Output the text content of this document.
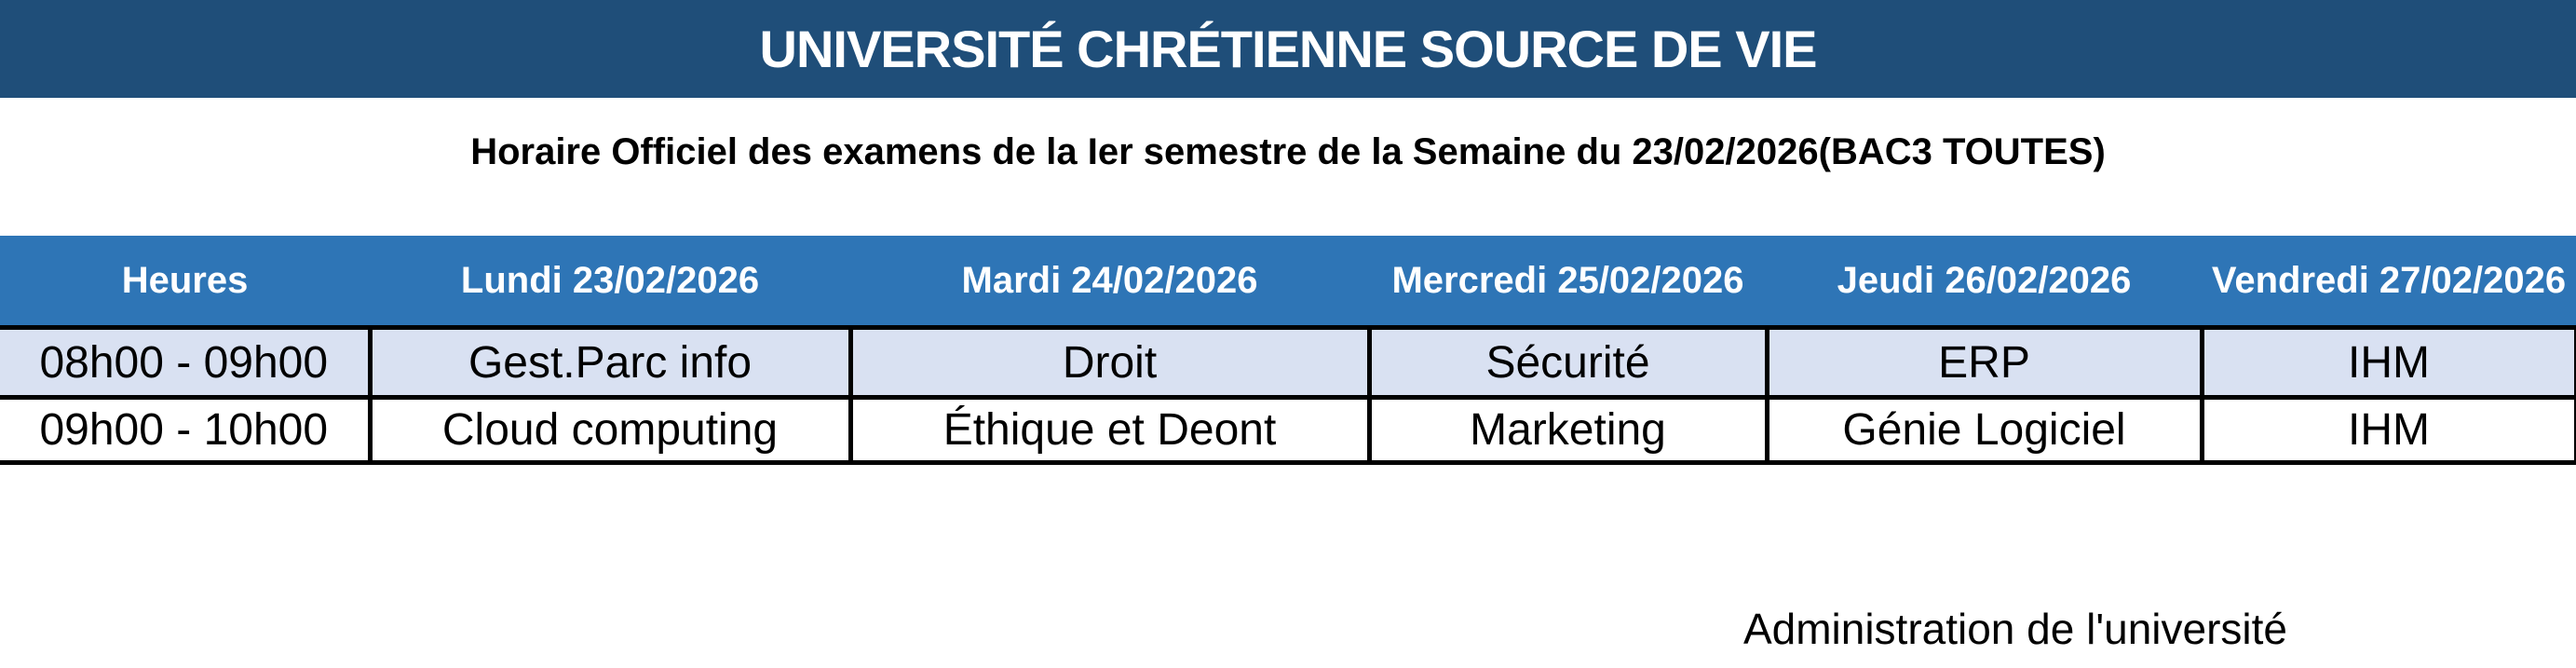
UNIVERSITÉ CHRÉTIENNE SOURCE DE VIE
Horaire Officiel des examens de la Ier semestre de la Semaine du 23/02/2026(BAC3 TOUTES)
Heures	Lundi 23/02/2026	Mardi 24/02/2026	Mercredi 25/02/2026	Jeudi 26/02/2026	Vendredi 27/02/2026
08h00 - 09h00	Gest.Parc info	Droit	Sécurité	ERP	IHM
09h00 - 10h00	Cloud computing	Éthique et Deont	Marketing	Génie Logiciel	IHM
Administration de l'université
